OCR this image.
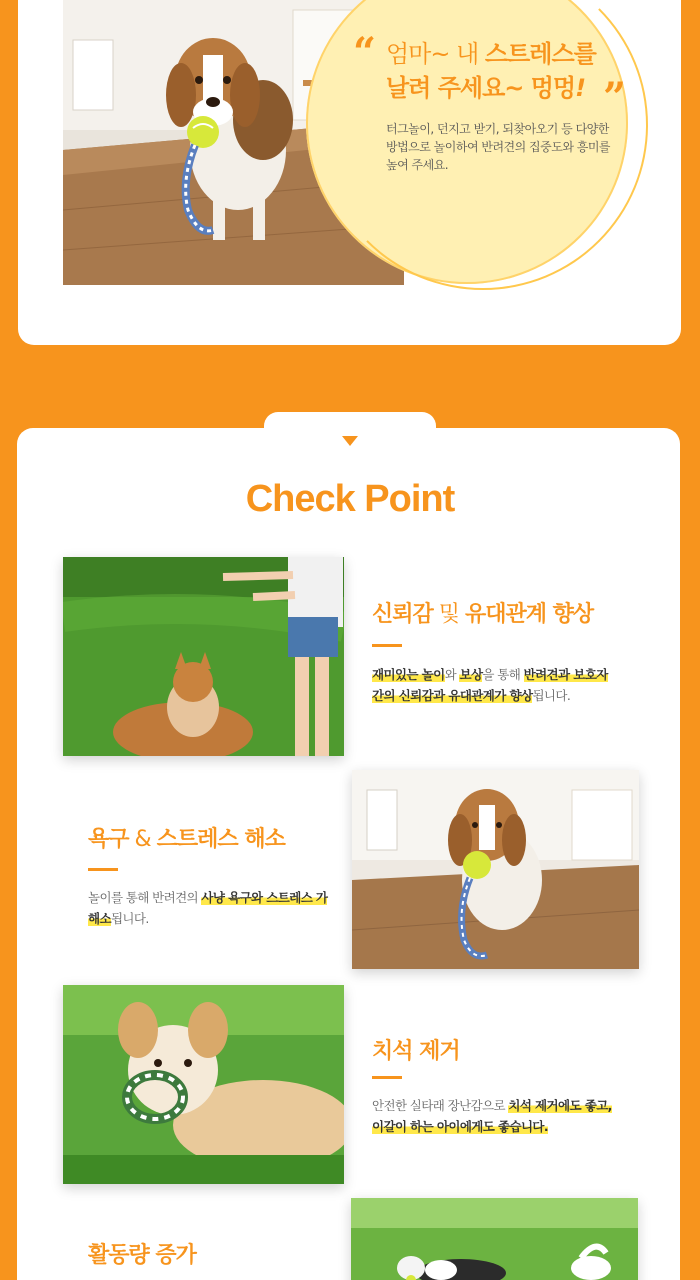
“
”
엄마~ 내 스트레스를
날려 주세요~ 멍멍!

터그놀이, 던지고 받기, 되찾아오기 등 다양한 방법으로 놀이하여 반려견의 집중도와 흥미를 높여 주세요.

Check Point
신뢰감 및 유대관계 향상

재미있는 놀이와 보상을 통해 반려견과 보호자 간의 신뢰감과 유대관계가 향상됩니다.

욕구 & 스트레스 해소

놀이를 통해 반려견의 사냥 욕구와 스트레스 가 해소됩니다.

치석 제거

안전한 실타래 장난감으로 치석 제거에도 좋고, 이갈이 하는 아이에게도 좋습니다.

활동량 증가
